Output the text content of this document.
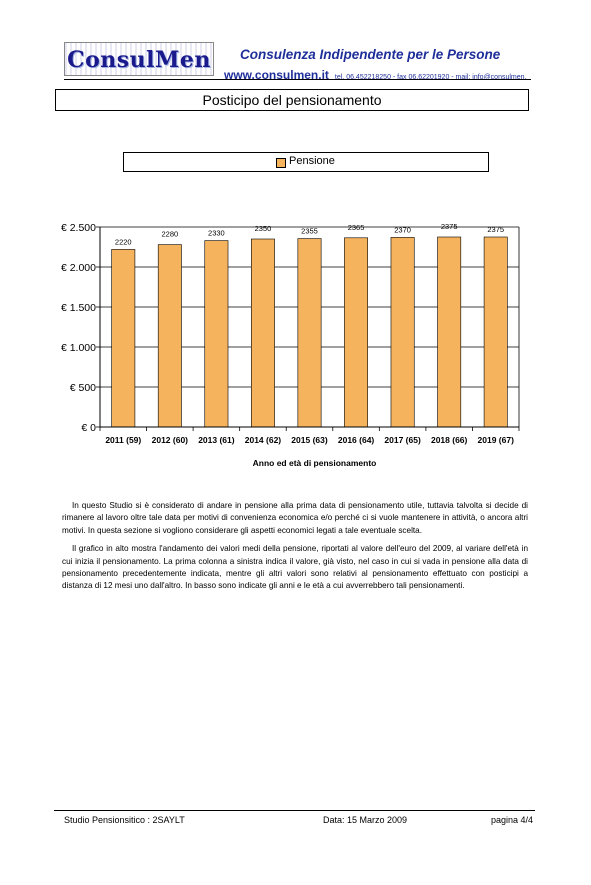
ConsulMen Consulenza Indipendente per le Persone
www.consulmen.it tel. 06.452218250 - fax 06.62201920 - mail: info@consulmen.
Posticipo del pensionamento
Pensione
€ 0
€ 500
€ 1.000
€ 1.500
€ 2.000
€ 2.500
2220
2011 (59)
2280
2012 (60)
2330
2013 (61)
2350
2014 (62)
2355
2015 (63)
2365
2016 (64)
2370
2017 (65)
2375
2018 (66)
2375
2019 (67)
Anno ed età di pensionamento

In questo Studio si è considerato di andare in pensione alla prima data di pensionamento utile, tuttavia talvolta si decide di rimanere al lavoro oltre tale data per motivi di convenienza economica e/o perché ci si vuole mantenere in attività, o ancora altri motivi. In questa sezione si vogliono considerare gli aspetti economici legati a tale eventuale scelta.

Il grafico in alto mostra l'andamento dei valori medi della pensione, riportati al valore dell'euro del 2009, al variare dell'età in cui inizia il pensionamento. La prima colonna a sinistra indica il valore, già visto, nel caso in cui si vada in pensione alla data di pensionamento precedentemente indicata, mentre gli altri valori sono relativi al pensionamento effettuato con posticipi a distanza di 12 mesi uno dall'altro. In basso sono indicate gli anni e le età a cui avverrebbero tali pensionamenti.

Studio Pensionsitico : 2SAYLT	Data: 15 Marzo 2009	pagina 4/4
